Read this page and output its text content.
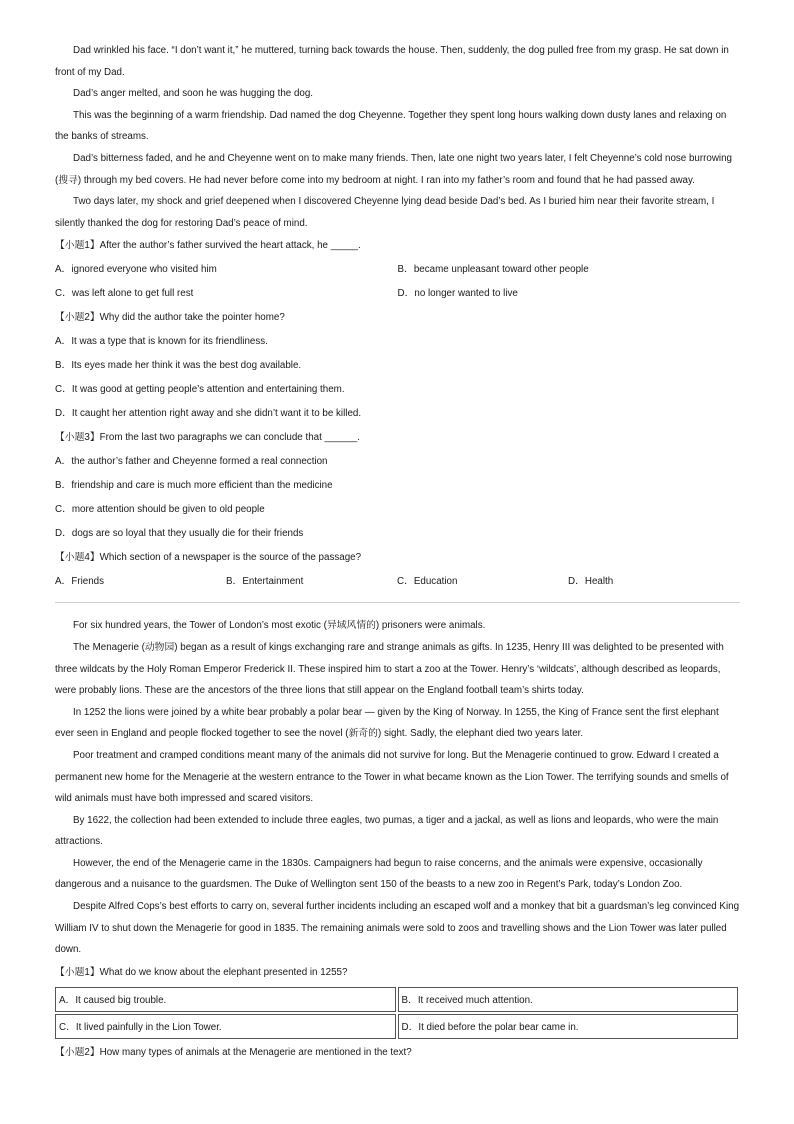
Dad wrinkled his face. “I don’t want it,” he muttered, turning back towards the house. Then, suddenly, the dog pulled free from my grasp. He sat down in front of my Dad.

Dad’s anger melted, and soon he was hugging the dog.

This was the beginning of a warm friendship. Dad named the dog Cheyenne. Together they spent long hours walking down dusty lanes and relaxing on the banks of streams.

Dad’s bitterness faded, and he and Cheyenne went on to make many friends. Then, late one night two years later, I felt Cheyenne’s cold nose burrowing (搜寻) through my bed covers. He had never before come into my bedroom at night. I ran into my father’s room and found that he had passed away.

Two days later, my shock and grief deepened when I discovered Cheyenne lying dead beside Dad’s bed. As I buried him near their favorite stream, I silently thanked the dog for restoring Dad’s peace of mind.

【小题1】After the author’s father survived the heart attack, he _____.

A．ignored everyone who visited him	B．became unpleasant toward other people
C．was left alone to get full rest	D．no longer wanted to live

【小题2】Why did the author take the pointer home?

A．It was a type that is known for its friendliness.

B．Its eyes made her think it was the best dog available.

C．It was good at getting people’s attention and entertaining them.

D．It caught her attention right away and she didn’t want it to be killed.

【小题3】From the last two paragraphs we can conclude that ______.

A．the author’s father and Cheyenne formed a real connection

B．friendship and care is much more efficient than the medicine

C．more attention should be given to old people

D．dogs are so loyal that they usually die for their friends

【小题4】Which section of a newspaper is the source of the passage?

A．Friends	B．Entertainment	C．Education	D．Health

For six hundred years, the Tower of London’s most exotic (异域风情的) prisoners were animals.

The Menagerie (动物园) began as a result of kings exchanging rare and strange animals as gifts. In 1235, Henry III was delighted to be presented with three wildcats by the Holy Roman Emperor Frederick II. These inspired him to start a zoo at the Tower. Henry’s ‘wildcats’, although described as leopards, were probably lions. These are the ancestors of the three lions that still appear on the England football team’s shirts today.

In 1252 the lions were joined by a white bear probably a polar bear — given by the King of Norway. In 1255, the King of France sent the first elephant ever seen in England and people flocked together to see the novel (新奇的) sight. Sadly, the elephant died two years later.

Poor treatment and cramped conditions meant many of the animals did not survive for long. But the Menagerie continued to grow. Edward I created a permanent new home for the Menagerie at the western entrance to the Tower in what became known as the Lion Tower. The terrifying sounds and smells of wild animals must have both impressed and scared visitors.

By 1622, the collection had been extended to include three eagles, two pumas, a tiger and a jackal, as well as lions and leopards, who were the main attractions.

However, the end of the Menagerie came in the 1830s. Campaigners had begun to raise concerns, and the animals were expensive, occasionally dangerous and a nuisance to the guardsmen. The Duke of Wellington sent 150 of the beasts to a new zoo in Regent’s Park, today’s London Zoo.

Despite Alfred Cops’s best efforts to carry on, several further incidents including an escaped wolf and a monkey that bit a guardsman’s leg convinced King William IV to shut down the Menagerie for good in 1835. The remaining animals were sold to zoos and travelling shows and the Lion Tower was later pulled down.

【小题1】What do we know about the elephant presented in 1255?

A．It caused big trouble.	B．It received much attention.
C．It lived painfully in the Lion Tower.	D．It died before the polar bear came in.

【小题2】How many types of animals at the Menagerie are mentioned in the text?
